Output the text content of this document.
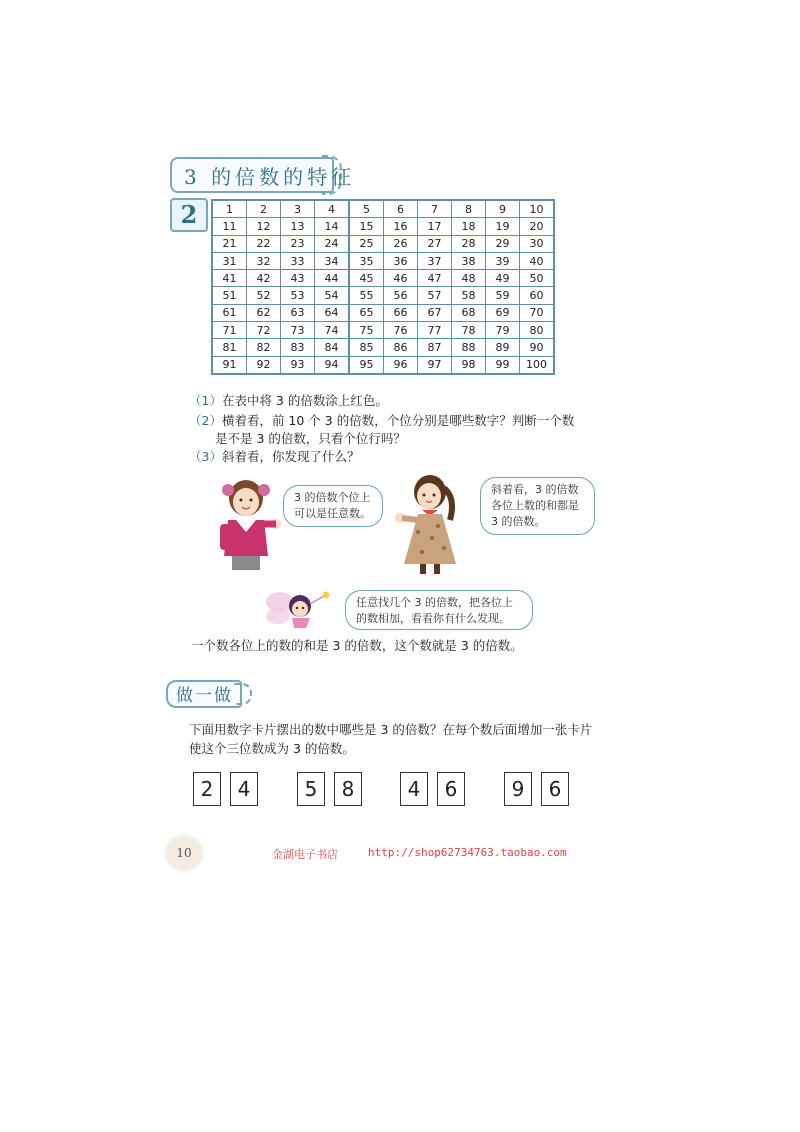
3 的倍数的特征
2	1	2	3	4	5	6	7	8	9	10
11	12	13	14	15	16	17	18	19	20
21	22	23	24	25	26	27	28	29	30
31	32	33	34	35	36	37	38	39	40
41	42	43	44	45	46	47	48	49	50
51	52	53	54	55	56	57	58	59	60
61	62	63	64	65	66	67	68	69	70
71	72	73	74	75	76	77	78	79	80
81	82	83	84	85	86	87	88	89	90
91	92	93	94	95	96	97	98	99	100
（1）在表中将 3 的倍数涂上红色。
（2）横着看，前 10 个 3 的倍数，个位分别是哪些数字？判断一个数
是不是 3 的倍数，只看个位行吗？
（3）斜着看，你发现了什么？
3 的倍数个位上
可以是任意数。
斜着看，3 的倍数
各位上数的和都是
3 的倍数。
任意找几个 3 的倍数，把各位上
的数相加，看看你有什么发现。
一个数各位上的数的和是 3 的倍数，这个数就是 3 的倍数。
做一做
下面用数字卡片摆出的数中哪些是 3 的倍数？在每个数后面增加一张卡片
使这个三位数成为 3 的倍数。
2	4	5	8	4	6	9	6
10	金湖电子书店	http://shop62734763.taobao.com
